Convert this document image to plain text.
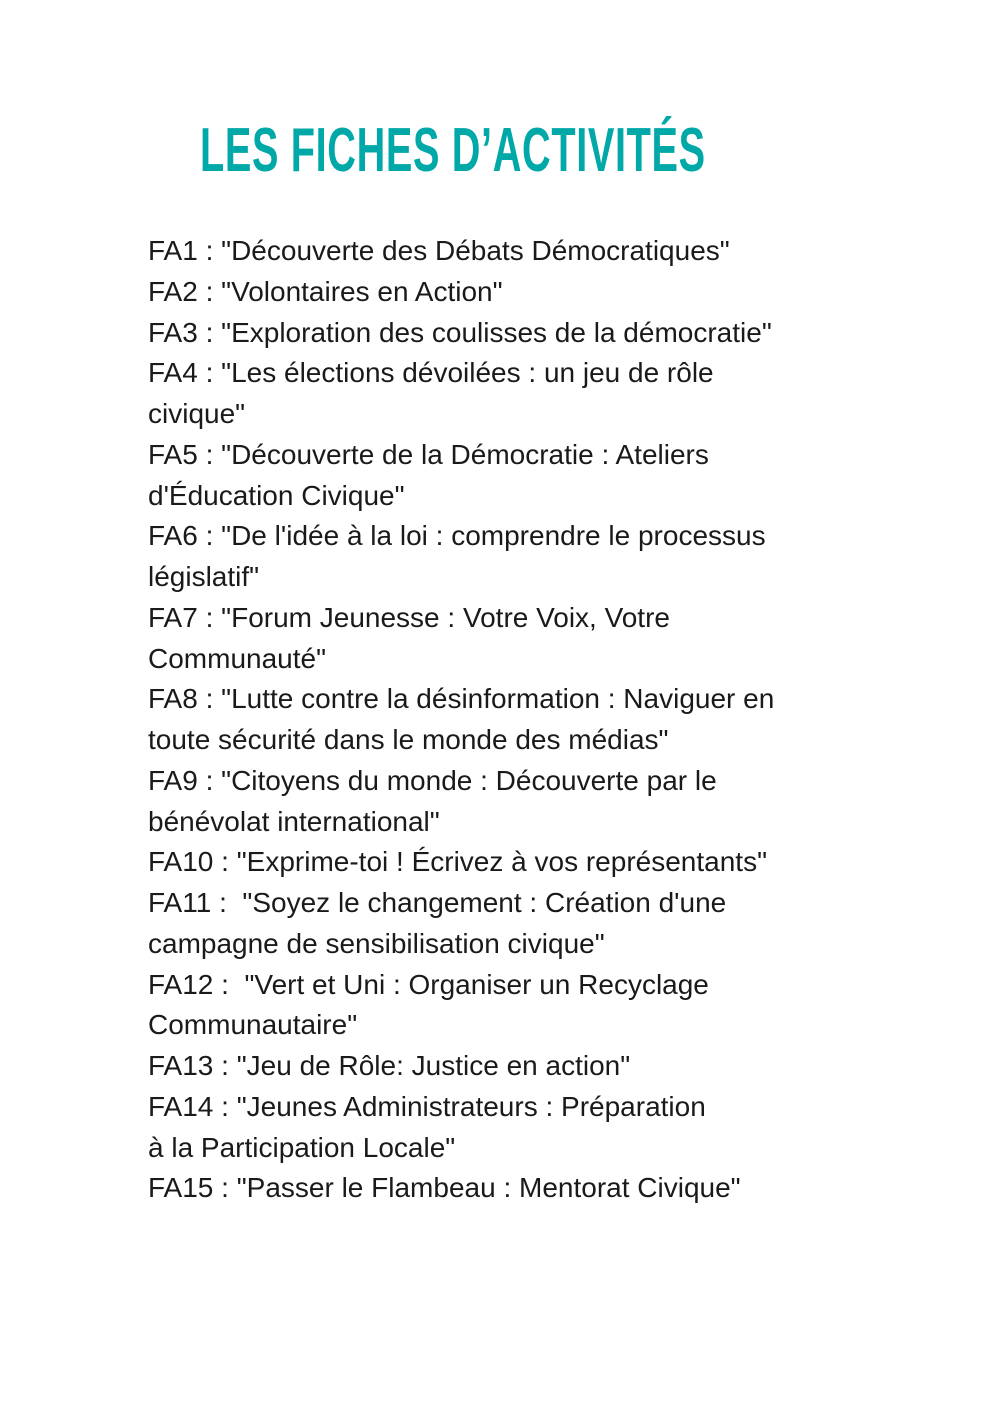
LES FICHES D’ACTIVITÉS
FA1 : "Découverte des Débats Démocratiques"
FA2 : "Volontaires en Action"
FA3 : "Exploration des coulisses de la démocratie"
FA4 : "Les élections dévoilées : un jeu de rôle
civique"
FA5 : "Découverte de la Démocratie : Ateliers
d'Éducation Civique"
FA6 : "De l'idée à la loi : comprendre le processus
législatif"
FA7 : "Forum Jeunesse : Votre Voix, Votre
Communauté"
FA8 : "Lutte contre la désinformation : Naviguer en
toute sécurité dans le monde des médias"
FA9 : "Citoyens du monde : Découverte par le
bénévolat international"
FA10 : "Exprime-toi ! Écrivez à vos représentants"
FA11 :  "Soyez le changement : Création d'une
campagne de sensibilisation civique"
FA12 :  "Vert et Uni : Organiser un Recyclage
Communautaire"
FA13 : "Jeu de Rôle: Justice en action"
FA14 : "Jeunes Administrateurs : Préparation
à la Participation Locale"
FA15 : "Passer le Flambeau : Mentorat Civique"
